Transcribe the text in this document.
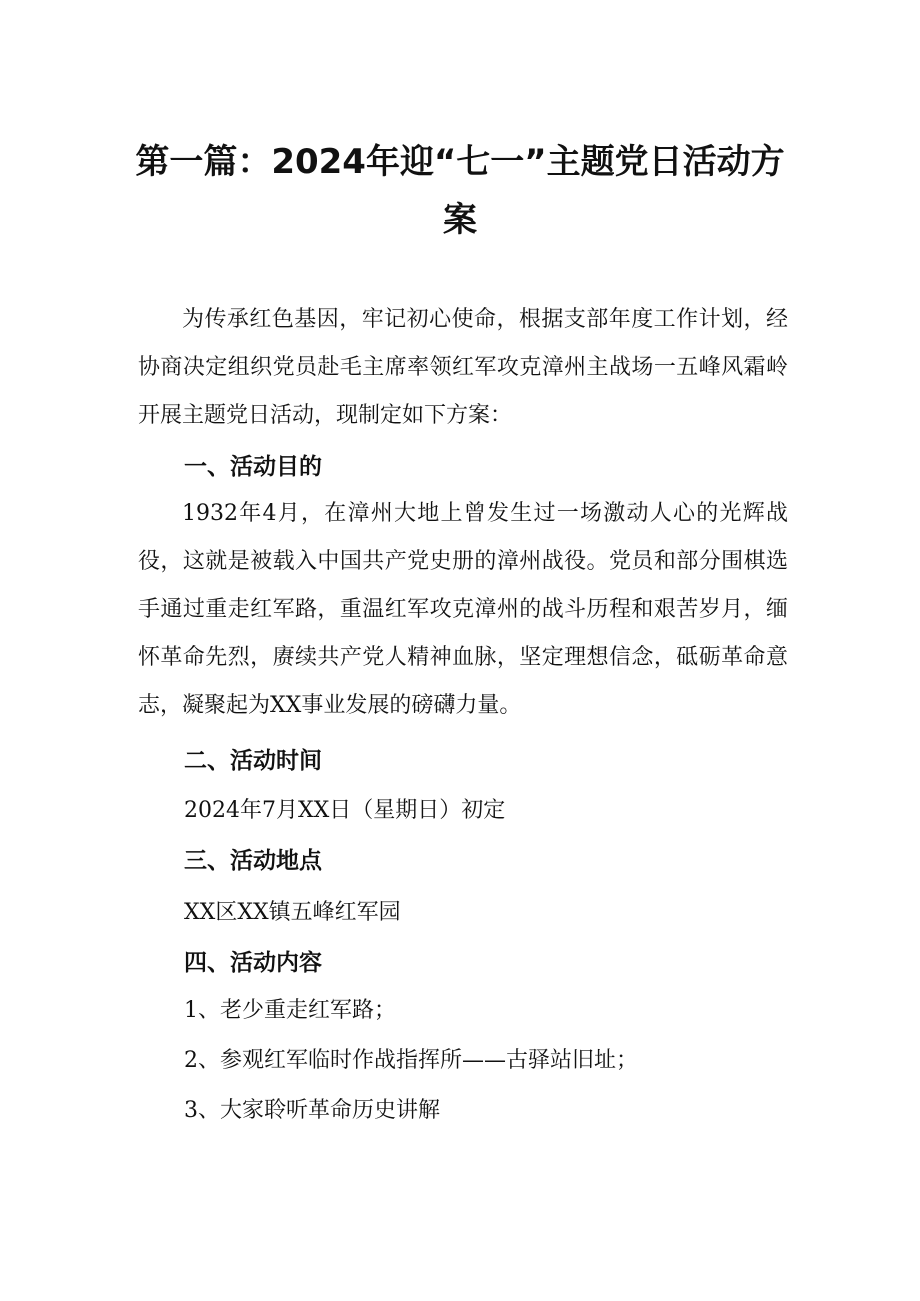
第一篇：2024年迎“七一”主题党日活动方
案

为传承红色基因，牢记初心使命，根据支部年度工作计划，经协商决定组织党员赴毛主席率领红军攻克漳州主战场一五峰风霜岭开展主题党日活动，现制定如下方案：

一、活动目的

1932年4月，在漳州大地上曾发生过一场激动人心的光辉战役，这就是被载入中国共产党史册的漳州战役。党员和部分围棋选手通过重走红军路，重温红军攻克漳州的战斗历程和艰苦岁月，缅怀革命先烈，赓续共产党人精神血脉，坚定理想信念，砥砺革命意志，凝聚起为XX事业发展的磅礴力量。

二、活动时间
2024年7月XX日（星期日）初定
三、活动地点
XX区XX镇五峰红军园
四、活动内容
1、老少重走红军路；
2、参观红军临时作战指挥所——古驿站旧址；
3、大家聆听革命历史讲解
